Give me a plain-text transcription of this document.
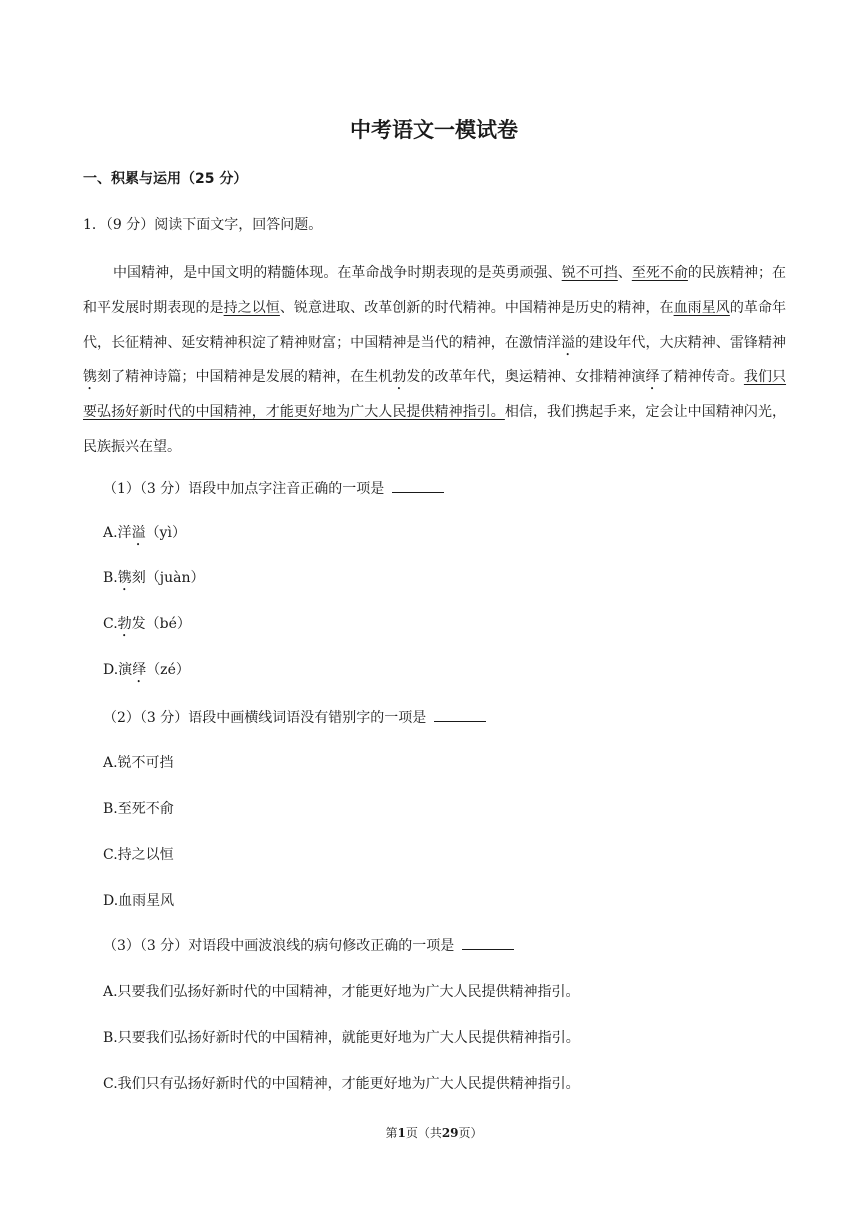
中考语文一模试卷
一、积累与运用（25 分）
1．（9 分）阅读下面文字，回答问题。

中国精神，是中国文明的精髓体现。在革命战争时期表现的是英勇顽强、锐不可挡、至死不俞的民族精神；在和平发展时期表现的是持之以恒、锐意进取、改革创新的时代精神。中国精神是历史的精神，在血雨星风的革命年代，长征精神、延安精神积淀了精神财富；中国精神是当代的精神，在激情洋溢的建设年代，大庆精神、雷锋精神镌刻了精神诗篇；中国精神是发展的精神，在生机勃发的改革年代，奥运精神、女排精神演绎了精神传奇。我们只要弘扬好新时代的中国精神，才能更好地为广大人民提供精神指引。相信，我们携起手来，定会让中国精神闪光，民族振兴在望。

（1）（3 分）语段中加点字注音正确的一项是
A.洋溢（yì）
B.镌刻（juàn）
C.勃发（bé）
D.演绎（zé）
（2）（3 分）语段中画横线词语没有错别字的一项是
A.锐不可挡
B.至死不俞
C.持之以恒
D.血雨星风
（3）（3 分）对语段中画波浪线的病句修改正确的一项是
A.只要我们弘扬好新时代的中国精神，才能更好地为广大人民提供精神指引。
B.只要我们弘扬好新时代的中国精神，就能更好地为广大人民提供精神指引。
C.我们只有弘扬好新时代的中国精神，才能更好地为广大人民提供精神指引。
第1页（共29页）
